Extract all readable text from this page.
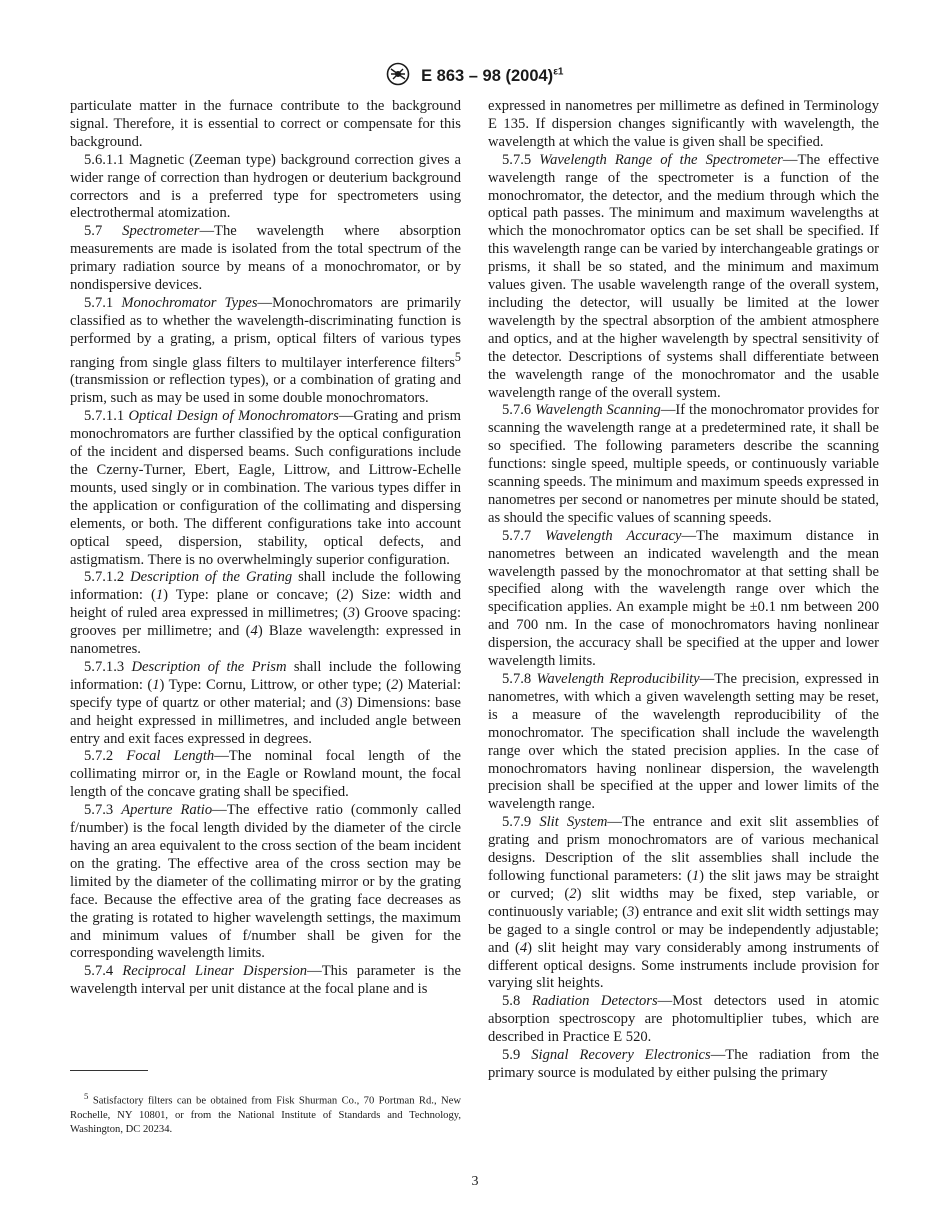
E 863 – 98 $(2004)^{\varepsilon 1}$

particulate matter in the furnace contribute to the background signal. Therefore, it is essential to correct or compensate for this background.

5.6.1.1 Magnetic (Zeeman type) background correction gives a wider range of correction than hydrogen or deuterium background correctors and is a preferred type for spectrometers using electrothermal atomization.

5.7 Spectrometer—The wavelength where absorption measurements are made is isolated from the total spectrum of the primary radiation source by means of a monochromator, or by nondispersive devices.

5.7.1 Monochromator Types—Monochromators are primarily classified as to whether the wavelength-discriminating function is performed by a grating, a prism, optical filters of various types ranging from single glass filters to multilayer interference filters$^5$ (transmission or reflection types), or a combination of grating and prism, such as may be used in some double monochromators.

5.7.1.1 Optical Design of Monochromators—Grating and prism monochromators are further classified by the optical configuration of the incident and dispersed beams. Such configurations include the Czerny-Turner, Ebert, Eagle, Littrow, and Littrow-Echelle mounts, used singly or in combination. The various types differ in the application or configuration of the collimating and dispersing elements, or both. The different configurations take into account optical speed, dispersion, stability, optical defects, and astigmatism. There is no overwhelmingly superior configuration.

5.7.1.2 Description of the Grating shall include the following information: (1) Type: plane or concave; (2) Size: width and height of ruled area expressed in millimetres; (3) Groove spacing: grooves per millimetre; and (4) Blaze wavelength: expressed in nanometres.

5.7.1.3 Description of the Prism shall include the following information: (1) Type: Cornu, Littrow, or other type; (2) Material: specify type of quartz or other material; and (3) Dimensions: base and height expressed in millimetres, and included angle between entry and exit faces expressed in degrees.

5.7.2 Focal Length—The nominal focal length of the collimating mirror or, in the Eagle or Rowland mount, the focal length of the concave grating shall be specified.

5.7.3 Aperture Ratio—The effective ratio (commonly called f/number) is the focal length divided by the diameter of the circle having an area equivalent to the cross section of the beam incident on the grating. The effective area of the cross section may be limited by the diameter of the collimating mirror or by the grating face. Because the effective area of the grating face decreases as the grating is rotated to higher wavelength settings, the maximum and minimum values of f/number shall be given for the corresponding wavelength limits.

5.7.4 Reciprocal Linear Dispersion—This parameter is the wavelength interval per unit distance at the focal plane and is

expressed in nanometres per millimetre as defined in Terminology E 135. If dispersion changes significantly with wavelength, the wavelength at which the value is given shall be specified.

5.7.5 Wavelength Range of the Spectrometer—The effective wavelength range of the spectrometer is a function of the monochromator, the detector, and the medium through which the optical path passes. The minimum and maximum wavelengths at which the monochromator optics can be set shall be specified. If this wavelength range can be varied by interchangeable gratings or prisms, it shall be so stated, and the minimum and maximum values given. The usable wavelength range of the overall system, including the detector, will usually be limited at the lower wavelength by the spectral absorption of the ambient atmosphere and optics, and at the higher wavelength by spectral sensitivity of the detector. Descriptions of systems shall differentiate between the wavelength range of the monochromator and the usable wavelength range of the overall system.

5.7.6 Wavelength Scanning—If the monochromator provides for scanning the wavelength range at a predetermined rate, it shall be so specified. The following parameters describe the scanning functions: single speed, multiple speeds, or continuously variable scanning speeds. The minimum and maximum speeds expressed in nanometres per second or nanometres per minute should be stated, as should the specific values of scanning speeds.

5.7.7 Wavelength Accuracy—The maximum distance in nanometres between an indicated wavelength and the mean wavelength passed by the monochromator at that setting shall be specified along with the wavelength range over which the specification applies. An example might be ±0.1 nm between 200 and 700 nm. In the case of monochromators having nonlinear dispersion, the accuracy shall be specified at the upper and lower wavelength limits.

5.7.8 Wavelength Reproducibility—The precision, expressed in nanometres, with which a given wavelength setting may be reset, is a measure of the wavelength reproducibility of the monochromator. The specification shall include the wavelength range over which the stated precision applies. In the case of monochromators having nonlinear dispersion, the wavelength precision shall be specified at the upper and lower limits of the wavelength range.

5.7.9 Slit System—The entrance and exit slit assemblies of grating and prism monochromators are of various mechanical designs. Description of the slit assemblies shall include the following functional parameters: (1) the slit jaws may be straight or curved; (2) slit widths may be fixed, step variable, or continuously variable; (3) entrance and exit slit width settings may be gaged to a single control or may be independently adjustable; and (4) slit height may vary considerably among instruments of different optical designs. Some instruments include provision for varying slit heights.

5.8 Radiation Detectors—Most detectors used in atomic absorption spectroscopy are photomultiplier tubes, which are described in Practice E 520.

5.9 Signal Recovery Electronics—The radiation from the primary source is modulated by either pulsing the primary

$^5$ Satisfactory filters can be obtained from Fisk Shurman Co., 70 Portman Rd., New Rochelle, NY 10801, or from the National Institute of Standards and Technology, Washington, DC 20234.

3
